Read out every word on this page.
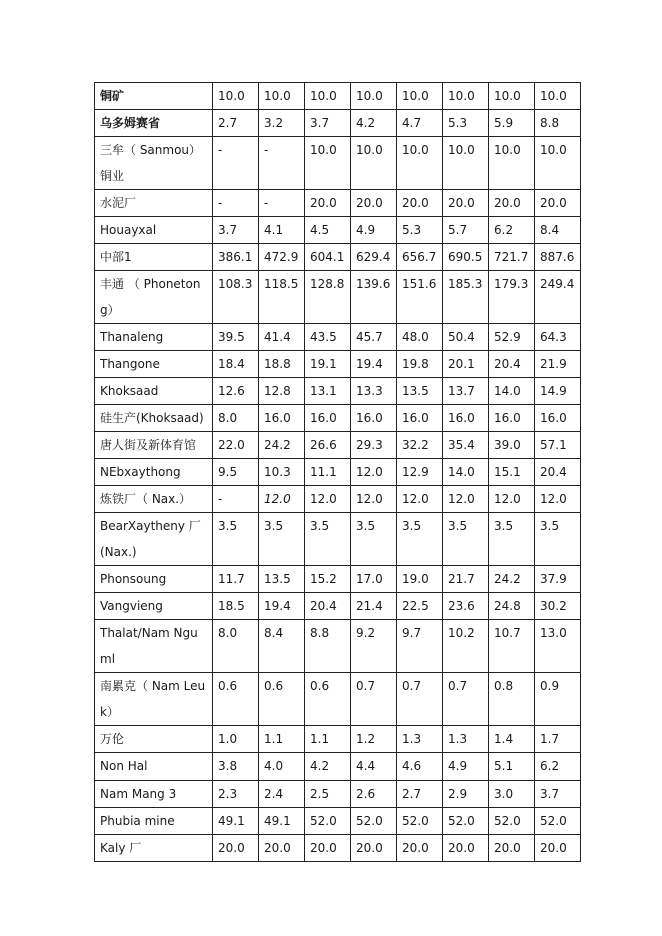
铜矿	10.0	10.0	10.0	10.0	10.0	10.0	10.0	10.0
乌多姆赛省	2.7	3.2	3.7	4.2	4.7	5.3	5.9	8.8
三牟（ Sanmou） 铜业	-	-	10.0	10.0	10.0	10.0	10.0	10.0
水泥厂	-	-	20.0	20.0	20.0	20.0	20.0	20.0
Houayxal	3.7	4.1	4.5	4.9	5.3	5.7	6.2	8.4
中部1	386.1	472.9	604.1	629.4	656.7	690.5	721.7	887.6
丰通 （ Phonetong）	108.3	118.5	128.8	139.6	151.6	185.3	179.3	249.4
Thanaleng	39.5	41.4	43.5	45.7	48.0	50.4	52.9	64.3
Thangone	18.4	18.8	19.1	19.4	19.8	20.1	20.4	21.9
Khoksaad	12.6	12.8	13.1	13.3	13.5	13.7	14.0	14.9
硅生产(Khoksaad)	8.0	16.0	16.0	16.0	16.0	16.0	16.0	16.0
唐人街及新体育馆	22.0	24.2	26.6	29.3	32.2	35.4	39.0	57.1
NEbxaythong	9.5	10.3	11.1	12.0	12.9	14.0	15.1	20.4
炼铁厂（ Nax.）	-	12.0	12.0	12.0	12.0	12.0	12.0	12.0
BearXaytheny 厂 (Nax.)	3.5	3.5	3.5	3.5	3.5	3.5	3.5	3.5
Phonsoung	11.7	13.5	15.2	17.0	19.0	21.7	24.2	37.9
Vangvieng	18.5	19.4	20.4	21.4	22.5	23.6	24.8	30.2
Thalat/Nam Nguml	8.0	8.4	8.8	9.2	9.7	10.2	10.7	13.0
南累克（ Nam Leuk）	0.6	0.6	0.6	0.7	0.7	0.7	0.8	0.9
万伦	1.0	1.1	1.1	1.2	1.3	1.3	1.4	1.7
Non Hal	3.8	4.0	4.2	4.4	4.6	4.9	5.1	6.2
Nam Mang 3	2.3	2.4	2.5	2.6	2.7	2.9	3.0	3.7
Phubia mine	49.1	49.1	52.0	52.0	52.0	52.0	52.0	52.0
Kaly 厂	20.0	20.0	20.0	20.0	20.0	20.0	20.0	20.0
